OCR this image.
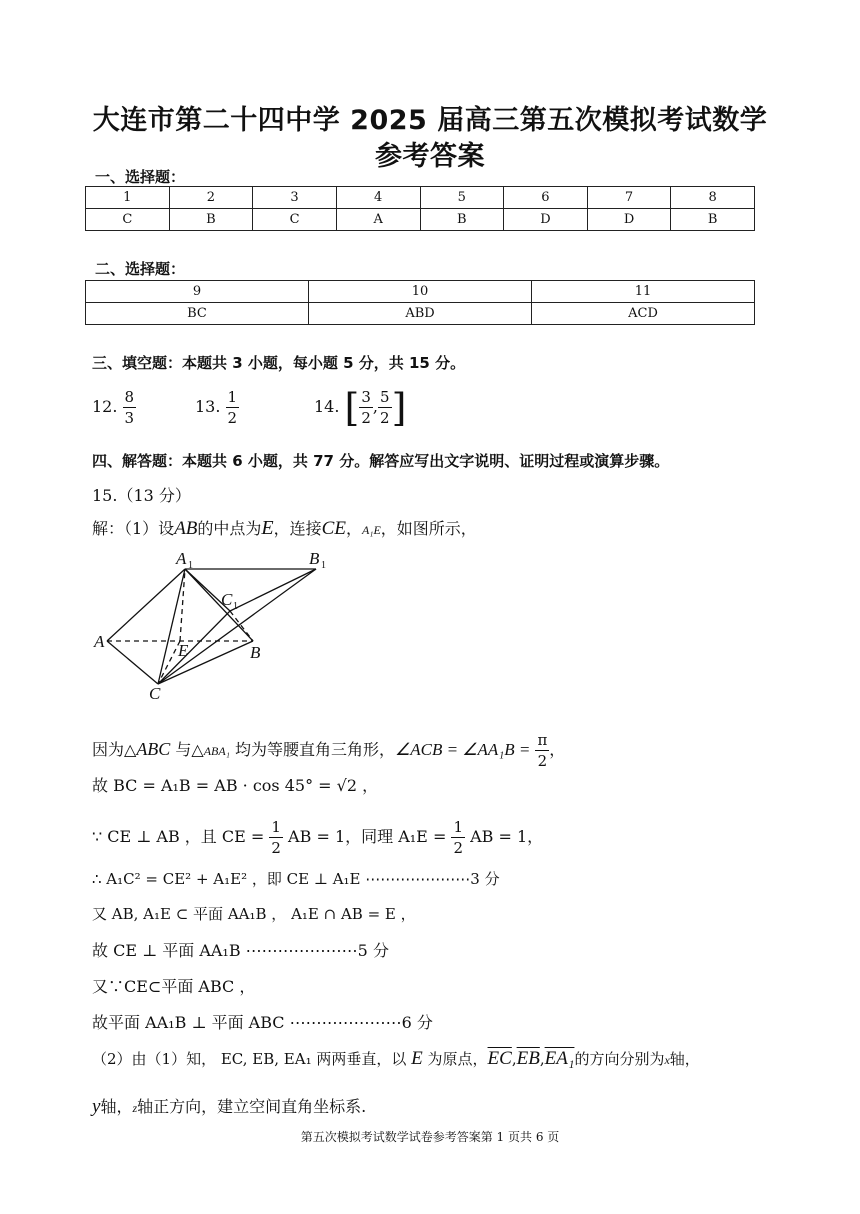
大连市第二十四中学 2025 届高三第五次模拟考试数学
参考答案
一、选择题：
1	2	3	4	5	6	7	8
C	B	C	A	B	D	D	B
二、选择题：
9	10	11
BC	ABD	ACD
三、填空题：本题共 3 小题，每小题 5 分，共 15 分。
12. $\frac{8}{3}$	13. $\frac{1}{2}$	14. [ $\frac{3}{2}$ , $\frac{5}{2}$ ]
四、解答题：本题共 6 小题，共 77 分。解答应写出文字说明、证明过程或演算步骤。
15.（13 分）
解：（1）设AB的中点为E，连接CE，A₁E，如图所示，
A 1	B 1
C 1
A	E	B
C
因为△ABC 与△ABA₁ 均为等腰直角三角形，∠ACB = ∠AA₁B = $\frac{\pi}{2}$ ，
故 BC = A₁B = AB · cos 45° = √2 ，
∵ CE ⊥ AB ，且 CE = $\frac{1}{2}$ AB = 1，同理 $A_1E = \frac{1}{2}$ AB = 1，
∴ A₁C² = CE² + A₁E² ，即 CE ⊥ A₁E ⋯⋯⋯⋯⋯⋯⋯3 分
又 AB, A₁E ⊂ 平面 AA₁B ， A₁E ∩ AB = E ，
故 CE ⊥ 平面 AA₁B ⋯⋯⋯⋯⋯⋯⋯5 分
又∵CE⊂平面 ABC ，
故平面 AA₁B ⊥ 平面 ABC ⋯⋯⋯⋯⋯⋯⋯6 分
（2）由（1）知， EC, EB, EA₁ 两两垂直，以 E 为原点，$\overline{EC},\overline{EB},EA_1$的方向分别为x轴，
y轴，z轴正方向，建立空间直角坐标系.
第五次模拟考试数学试卷参考答案第 1 页共 6 页
